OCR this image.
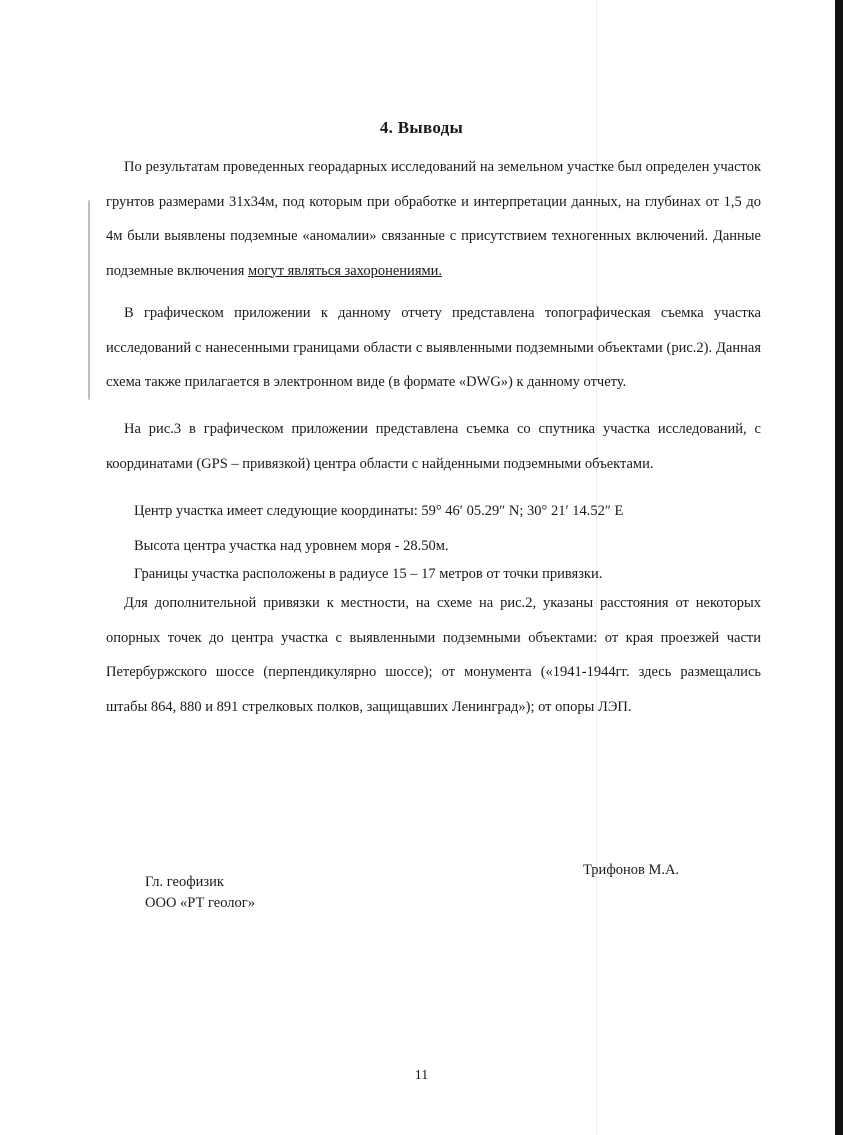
4. Выводы

По результатам проведенных георадарных исследований на земельном участке был определен участок грунтов размерами 31х34м, под которым при обработке и интерпретации данных, на глубинах от 1,5 до 4м были выявлены подземные «аномалии» связанные с присутствием техногенных включений. Данные подземные включения могут являться захоронениями.

В графическом приложении к данному отчету представлена топографическая съемка участка исследований с нанесенными границами области с выявленными подземными объектами (рис.2). Данная схема также прилагается в электронном виде (в формате «DWG») к данному отчету.

На рис.3 в графическом приложении представлена съемка со спутника участка исследований, с координатами (GPS – привязкой) центра области с найденными подземными объектами.

Центр участка имеет следующие координаты: 59° 46′ 05.29″ N; 30° 21′ 14.52″ E
Высота центра участка над уровнем моря - 28.50м.
Границы участка расположены в радиусе 15 – 17 метров от точки привязки.

Для дополнительной привязки к местности, на схеме на рис.2, указаны расстояния от некоторых опорных точек до центра участка с выявленными подземными объектами: от края проезжей части Петербуржского шоссе (перпендикулярно шоссе); от монумента («1941-1944гг. здесь размещались штабы 864, 880 и 891 стрелковых полков, защищавших Ленинград»); от опоры ЛЭП.

Гл. геофизик
ООО «РТ геолог»
Трифонов М.А.
11
